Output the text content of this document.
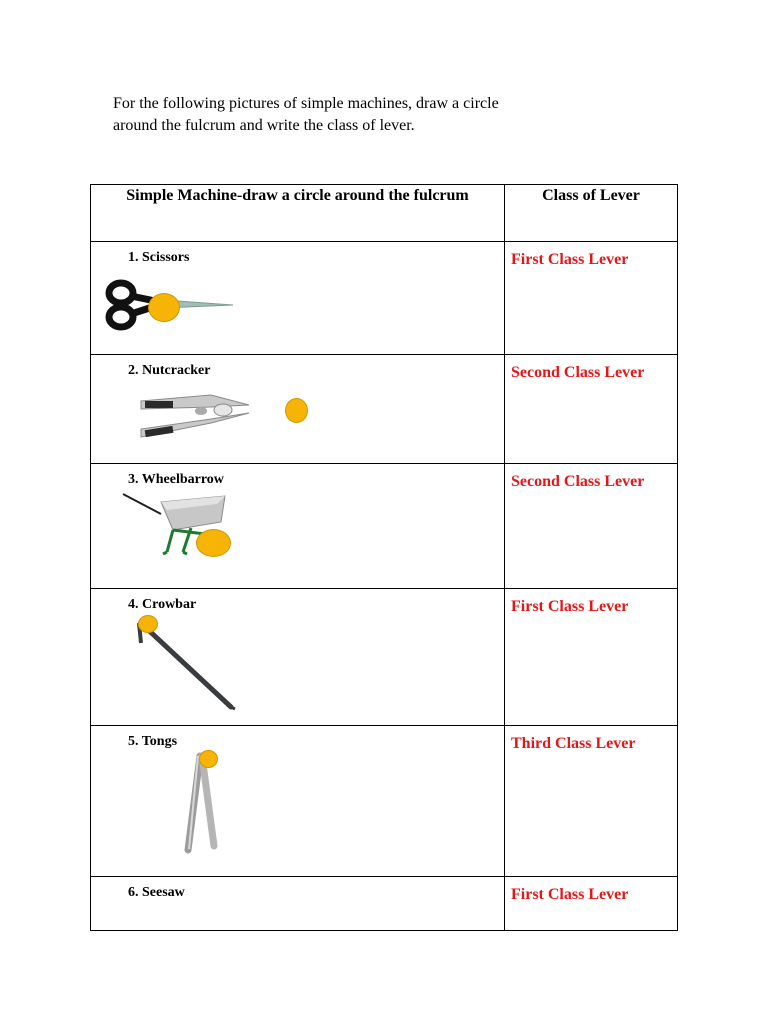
For the following pictures of simple machines, draw a circle
around the fulcrum and write the class of lever.
Simple Machine-draw a circle around the fulcrum	Class of Lever

1. Scissors	First Class Lever

2. Nutcracker	Second Class Lever

3. Wheelbarrow	Second Class Lever

4. Crowbar	First Class Lever

5. Tongs	Third Class Lever

6. Seesaw	First Class Lever
